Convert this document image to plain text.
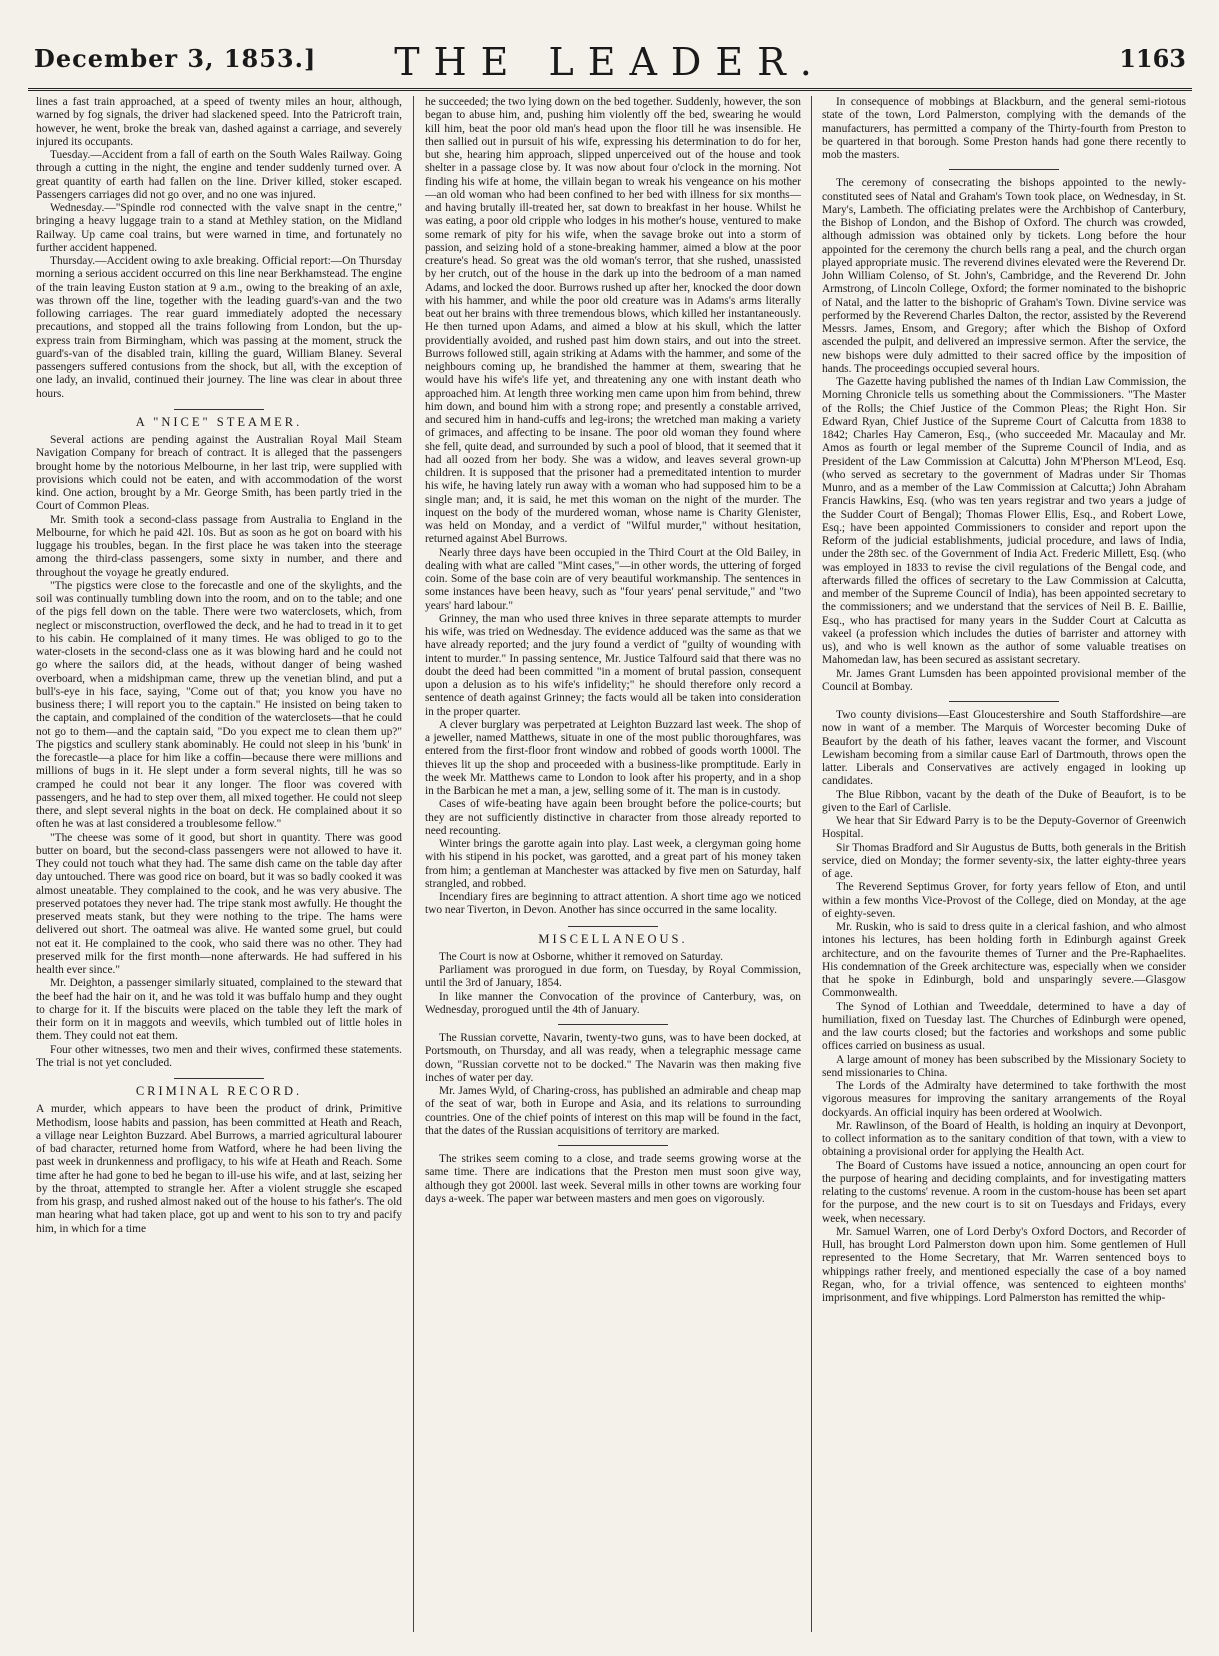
December 3, 1853.]	THE LEADER.	1163

lines a fast train approached, at a speed of twenty miles an hour, although, warned by fog signals, the driver had slackened speed. Into the Patricroft train, however, he went, broke the break van, dashed against a carriage, and severely injured its occupants.

Tuesday.—Accident from a fall of earth on the South Wales Railway. Going through a cutting in the night, the engine and tender suddenly turned over. A great quantity of earth had fallen on the line. Driver killed, stoker escaped. Passengers carriages did not go over, and no one was injured.

Wednesday.—"Spindle rod connected with the valve snapt in the centre," bringing a heavy luggage train to a stand at Methley station, on the Midland Railway. Up came coal trains, but were warned in time, and fortunately no further accident happened.

Thursday.—Accident owing to axle breaking. Official report:—On Thursday morning a serious accident occurred on this line near Berkhamstead. The engine of the train leaving Euston station at 9 a.m., owing to the breaking of an axle, was thrown off the line, together with the leading guard's-van and the two following carriages. The rear guard immediately adopted the necessary precautions, and stopped all the trains following from London, but the up-express train from Birmingham, which was passing at the moment, struck the guard's-van of the disabled train, killing the guard, William Blaney. Several passengers suffered contusions from the shock, but all, with the exception of one lady, an invalid, continued their journey. The line was clear in about three hours.

A "NICE" STEAMER.

Several actions are pending against the Australian Royal Mail Steam Navigation Company for breach of contract. It is alleged that the passengers brought home by the notorious Melbourne, in her last trip, were supplied with provisions which could not be eaten, and with accommodation of the worst kind. One action, brought by a Mr. George Smith, has been partly tried in the Court of Common Pleas.

Mr. Smith took a second-class passage from Australia to England in the Melbourne, for which he paid 42l. 10s. But as soon as he got on board with his luggage his troubles, began. In the first place he was taken into the steerage among the third-class passengers, some sixty in number, and there and throughout the voyage he greatly endured.

"The pigstics were close to the forecastle and one of the skylights, and the soil was continually tumbling down into the room, and on to the table; and one of the pigs fell down on the table. There were two waterclosets, which, from neglect or misconstruction, overflowed the deck, and he had to tread in it to get to his cabin. He complained of it many times. He was obliged to go to the water-closets in the second-class one as it was blowing hard and he could not go where the sailors did, at the heads, without danger of being washed overboard, when a midshipman came, threw up the venetian blind, and put a bull's-eye in his face, saying, "Come out of that; you know you have no business there; I will report you to the captain." He insisted on being taken to the captain, and complained of the condition of the waterclosets—that he could not go to them—and the captain said, "Do you expect me to clean them up?" The pigstics and scullery stank abominably. He could not sleep in his 'bunk' in the forecastle—a place for him like a coffin—because there were millions and millions of bugs in it. He slept under a form several nights, till he was so cramped he could not bear it any longer. The floor was covered with passengers, and he had to step over them, all mixed together. He could not sleep there, and slept several nights in the boat on deck. He complained about it so often he was at last considered a troublesome fellow."

"The cheese was some of it good, but short in quantity. There was good butter on board, but the second-class passengers were not allowed to have it. They could not touch what they had. The same dish came on the table day after day untouched. There was good rice on board, but it was so badly cooked it was almost uneatable. They complained to the cook, and he was very abusive. The preserved potatoes they never had. The tripe stank most awfully. He thought the preserved meats stank, but they were nothing to the tripe. The hams were delivered out short. The oatmeal was alive. He wanted some gruel, but could not eat it. He complained to the cook, who said there was no other. They had preserved milk for the first month—none afterwards. He had suffered in his health ever since."

Mr. Deighton, a passenger similarly situated, complained to the steward that the beef had the hair on it, and he was told it was buffalo hump and they ought to charge for it. If the biscuits were placed on the table they left the mark of their form on it in maggots and weevils, which tumbled out of little holes in them. They could not eat them.

Four other witnesses, two men and their wives, confirmed these statements. The trial is not yet concluded.

CRIMINAL RECORD.

A murder, which appears to have been the product of drink, Primitive Methodism, loose habits and passion, has been committed at Heath and Reach, a village near Leighton Buzzard. Abel Burrows, a married agricultural labourer of bad character, returned home from Watford, where he had been living the past week in drunkenness and profligacy, to his wife at Heath and Reach. Some time after he had gone to bed he began to ill-use his wife, and at last, seizing her by the throat, attempted to strangle her. After a violent struggle she escaped from his grasp, and rushed almost naked out of the house to his father's. The old man hearing what had taken place, got up and went to his son to try and pacify him, in which for a time

he succeeded; the two lying down on the bed together. Suddenly, however, the son began to abuse him, and, pushing him violently off the bed, swearing he would kill him, beat the poor old man's head upon the floor till he was insensible. He then sallied out in pursuit of his wife, expressing his determination to do for her, but she, hearing him approach, slipped unperceived out of the house and took shelter in a passage close by. It was now about four o'clock in the morning. Not finding his wife at home, the villain began to wreak his vengeance on his mother—an old woman who had been confined to her bed with illness for six months—and having brutally ill-treated her, sat down to breakfast in her house. Whilst he was eating, a poor old cripple who lodges in his mother's house, ventured to make some remark of pity for his wife, when the savage broke out into a storm of passion, and seizing hold of a stone-breaking hammer, aimed a blow at the poor creature's head. So great was the old woman's terror, that she rushed, unassisted by her crutch, out of the house in the dark up into the bedroom of a man named Adams, and locked the door. Burrows rushed up after her, knocked the door down with his hammer, and while the poor old creature was in Adams's arms literally beat out her brains with three tremendous blows, which killed her instantaneously. He then turned upon Adams, and aimed a blow at his skull, which the latter providentially avoided, and rushed past him down stairs, and out into the street. Burrows followed still, again striking at Adams with the hammer, and some of the neighbours coming up, he brandished the hammer at them, swearing that he would have his wife's life yet, and threatening any one with instant death who approached him. At length three working men came upon him from behind, threw him down, and bound him with a strong rope; and presently a constable arrived, and secured him in hand-cuffs and leg-irons; the wretched man making a variety of grimaces, and affecting to be insane. The poor old woman they found where she fell, quite dead, and surrounded by such a pool of blood, that it seemed that it had all oozed from her body. She was a widow, and leaves several grown-up children. It is supposed that the prisoner had a premeditated intention to murder his wife, he having lately run away with a woman who had supposed him to be a single man; and, it is said, he met this woman on the night of the murder. The inquest on the body of the murdered woman, whose name is Charity Glenister, was held on Monday, and a verdict of "Wilful murder," without hesitation, returned against Abel Burrows.

Nearly three days have been occupied in the Third Court at the Old Bailey, in dealing with what are called "Mint cases,"—in other words, the uttering of forged coin. Some of the base coin are of very beautiful workmanship. The sentences in some instances have been heavy, such as "four years' penal servitude," and "two years' hard labour."

Grinney, the man who used three knives in three separate attempts to murder his wife, was tried on Wednesday. The evidence adduced was the same as that we have already reported; and the jury found a verdict of "guilty of wounding with intent to murder." In passing sentence, Mr. Justice Talfourd said that there was no doubt the deed had been committed "in a moment of brutal passion, consequent upon a delusion as to his wife's infidelity;" he should therefore only record a sentence of death against Grinney; the facts would all be taken into consideration in the proper quarter.

A clever burglary was perpetrated at Leighton Buzzard last week. The shop of a jeweller, named Matthews, situate in one of the most public thoroughfares, was entered from the first-floor front window and robbed of goods worth 1000l. The thieves lit up the shop and proceeded with a business-like promptitude. Early in the week Mr. Matthews came to London to look after his property, and in a shop in the Barbican he met a man, a jew, selling some of it. The man is in custody.

Cases of wife-beating have again been brought before the police-courts; but they are not sufficiently distinctive in character from those already reported to need recounting.

Winter brings the garotte again into play. Last week, a clergyman going home with his stipend in his pocket, was garotted, and a great part of his money taken from him; a gentleman at Manchester was attacked by five men on Saturday, half strangled, and robbed.

Incendiary fires are beginning to attract attention. A short time ago we noticed two near Tiverton, in Devon. Another has since occurred in the same locality.

MISCELLANEOUS.

The Court is now at Osborne, whither it removed on Saturday.

Parliament was prorogued in due form, on Tuesday, by Royal Commission, until the 3rd of January, 1854.

In like manner the Convocation of the province of Canterbury, was, on Wednesday, prorogued until the 4th of January.

The Russian corvette, Navarin, twenty-two guns, was to have been docked, at Portsmouth, on Thursday, and all was ready, when a telegraphic message came down, "Russian corvette not to be docked." The Navarin was then making five inches of water per day.

Mr. James Wyld, of Charing-cross, has published an admirable and cheap map of the seat of war, both in Europe and Asia, and its relations to surrounding countries. One of the chief points of interest on this map will be found in the fact, that the dates of the Russian acquisitions of territory are marked.

The strikes seem coming to a close, and trade seems growing worse at the same time. There are indications that the Preston men must soon give way, although they got 2000l. last week. Several mills in other towns are working four days a-week. The paper war between masters and men goes on vigorously.

In consequence of mobbings at Blackburn, and the general semi-riotous state of the town, Lord Palmerston, complying with the demands of the manufacturers, has permitted a company of the Thirty-fourth from Preston to be quartered in that borough. Some Preston hands had gone there recently to mob the masters.

The ceremony of consecrating the bishops appointed to the newly-constituted sees of Natal and Graham's Town took place, on Wednesday, in St. Mary's, Lambeth. The officiating prelates were the Archbishop of Canterbury, the Bishop of London, and the Bishop of Oxford. The church was crowded, although admission was obtained only by tickets. Long before the hour appointed for the ceremony the church bells rang a peal, and the church organ played appropriate music. The reverend divines elevated were the Reverend Dr. John William Colenso, of St. John's, Cambridge, and the Reverend Dr. John Armstrong, of Lincoln College, Oxford; the former nominated to the bishopric of Natal, and the latter to the bishopric of Graham's Town. Divine service was performed by the Reverend Charles Dalton, the rector, assisted by the Reverend Messrs. James, Ensom, and Gregory; after which the Bishop of Oxford ascended the pulpit, and delivered an impressive sermon. After the service, the new bishops were duly admitted to their sacred office by the imposition of hands. The proceedings occupied several hours.

The Gazette having published the names of th Indian Law Commission, the Morning Chronicle tells us something about the Commissioners. "The Master of the Rolls; the Chief Justice of the Common Pleas; the Right Hon. Sir Edward Ryan, Chief Justice of the Supreme Court of Calcutta from 1838 to 1842; Charles Hay Cameron, Esq., (who succeeded Mr. Macaulay and Mr. Amos as fourth or legal member of the Supreme Council of India, and as President of the Law Commission at Calcutta) John M'Pherson M'Leod, Esq. (who served as secretary to the government of Madras under Sir Thomas Munro, and as a member of the Law Commission at Calcutta;) John Abraham Francis Hawkins, Esq. (who was ten years registrar and two years a judge of the Sudder Court of Bengal); Thomas Flower Ellis, Esq., and Robert Lowe, Esq.; have been appointed Commissioners to consider and report upon the Reform of the judicial establishments, judicial procedure, and laws of India, under the 28th sec. of the Government of India Act. Frederic Millett, Esq. (who was employed in 1833 to revise the civil regulations of the Bengal code, and afterwards filled the offices of secretary to the Law Commission at Calcutta, and member of the Supreme Council of India), has been appointed secretary to the commissioners; and we understand that the services of Neil B. E. Baillie, Esq., who has practised for many years in the Sudder Court at Calcutta as vakeel (a profession which includes the duties of barrister and attorney with us), and who is well known as the author of some valuable treatises on Mahomedan law, has been secured as assistant secretary.

Mr. James Grant Lumsden has been appointed provisional member of the Council at Bombay.

Two county divisions—East Gloucestershire and South Staffordshire—are now in want of a member. The Marquis of Worcester becoming Duke of Beaufort by the death of his father, leaves vacant the former, and Viscount Lewisham becoming from a similar cause Earl of Dartmouth, throws open the latter. Liberals and Conservatives are actively engaged in looking up candidates.

The Blue Ribbon, vacant by the death of the Duke of Beaufort, is to be given to the Earl of Carlisle.

We hear that Sir Edward Parry is to be the Deputy-Governor of Greenwich Hospital.

Sir Thomas Bradford and Sir Augustus de Butts, both generals in the British service, died on Monday; the former seventy-six, the latter eighty-three years of age.

The Reverend Septimus Grover, for forty years fellow of Eton, and until within a few months Vice-Provost of the College, died on Monday, at the age of eighty-seven.

Mr. Ruskin, who is said to dress quite in a clerical fashion, and who almost intones his lectures, has been holding forth in Edinburgh against Greek architecture, and on the favourite themes of Turner and the Pre-Raphaelites. His condemnation of the Greek architecture was, especially when we consider that he spoke in Edinburgh, bold and unsparingly severe.—Glasgow Commonwealth.

The Synod of Lothian and Tweeddale, determined to have a day of humiliation, fixed on Tuesday last. The Churches of Edinburgh were opened, and the law courts closed; but the factories and workshops and some public offices carried on business as usual.

A large amount of money has been subscribed by the Missionary Society to send missionaries to China.

The Lords of the Admiralty have determined to take forthwith the most vigorous measures for improving the sanitary arrangements of the Royal dockyards. An official inquiry has been ordered at Woolwich.

Mr. Rawlinson, of the Board of Health, is holding an inquiry at Devonport, to collect information as to the sanitary condition of that town, with a view to obtaining a provisional order for applying the Health Act.

The Board of Customs have issued a notice, announcing an open court for the purpose of hearing and deciding complaints, and for investigating matters relating to the customs' revenue. A room in the custom-house has been set apart for the purpose, and the new court is to sit on Tuesdays and Fridays, every week, when necessary.

Mr. Samuel Warren, one of Lord Derby's Oxford Doctors, and Recorder of Hull, has brought Lord Palmerston down upon him. Some gentlemen of Hull represented to the Home Secretary, that Mr. Warren sentenced boys to whippings rather freely, and mentioned especially the case of a boy named Regan, who, for a trivial offence, was sentenced to eighteen months' imprisonment, and five whippings. Lord Palmerston has remitted the whip-
